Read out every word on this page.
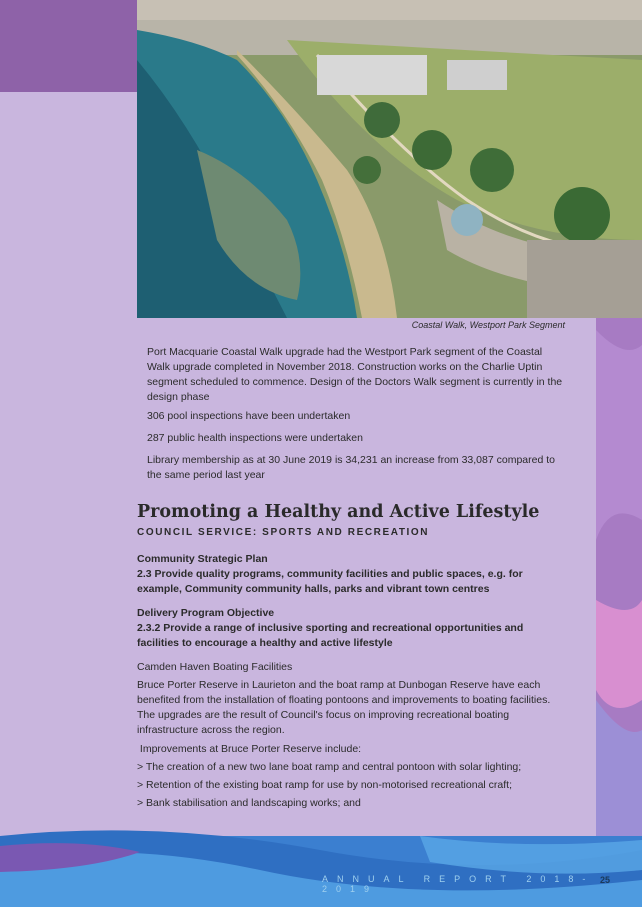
Coastal Walk, Westport Park Segment
Port Macquarie Coastal Walk upgrade had the Westport Park segment of the Coastal Walk upgrade completed in November 2018. Construction works on the Charlie Uptin segment scheduled to commence. Design of the Doctors Walk segment is currently in the design phase
306 pool inspections have been undertaken
287 public health inspections were undertaken
Library membership as at 30 June 2019 is 34,231 an increase from 33,087 compared to the same period last year
Promoting a Healthy and Active Lifestyle
COUNCIL SERVICE: SPORTS AND RECREATION
Community Strategic Plan
2.3 Provide quality programs, community facilities and public spaces, e.g. for example, Community community halls, parks and vibrant town centres
Delivery Program Objective
2.3.2 Provide a range of inclusive sporting and recreational opportunities and facilities to encourage a healthy and active lifestyle
Camden Haven Boating Facilities
Bruce Porter Reserve in Laurieton and the boat ramp at Dunbogan Reserve have each benefited from the installation of floating pontoons and improvements to boating facilities. The upgrades are the result of Council's focus on improving recreational boating infrastructure across the region.
Improvements at Bruce Porter Reserve include:
> The creation of a new two lane boat ramp and central pontoon with solar lighting;
> Retention of the existing boat ramp for use by non-motorised recreational craft;
> Bank stabilisation and landscaping works; and
ANNUAL REPORT 2018-2019
25
